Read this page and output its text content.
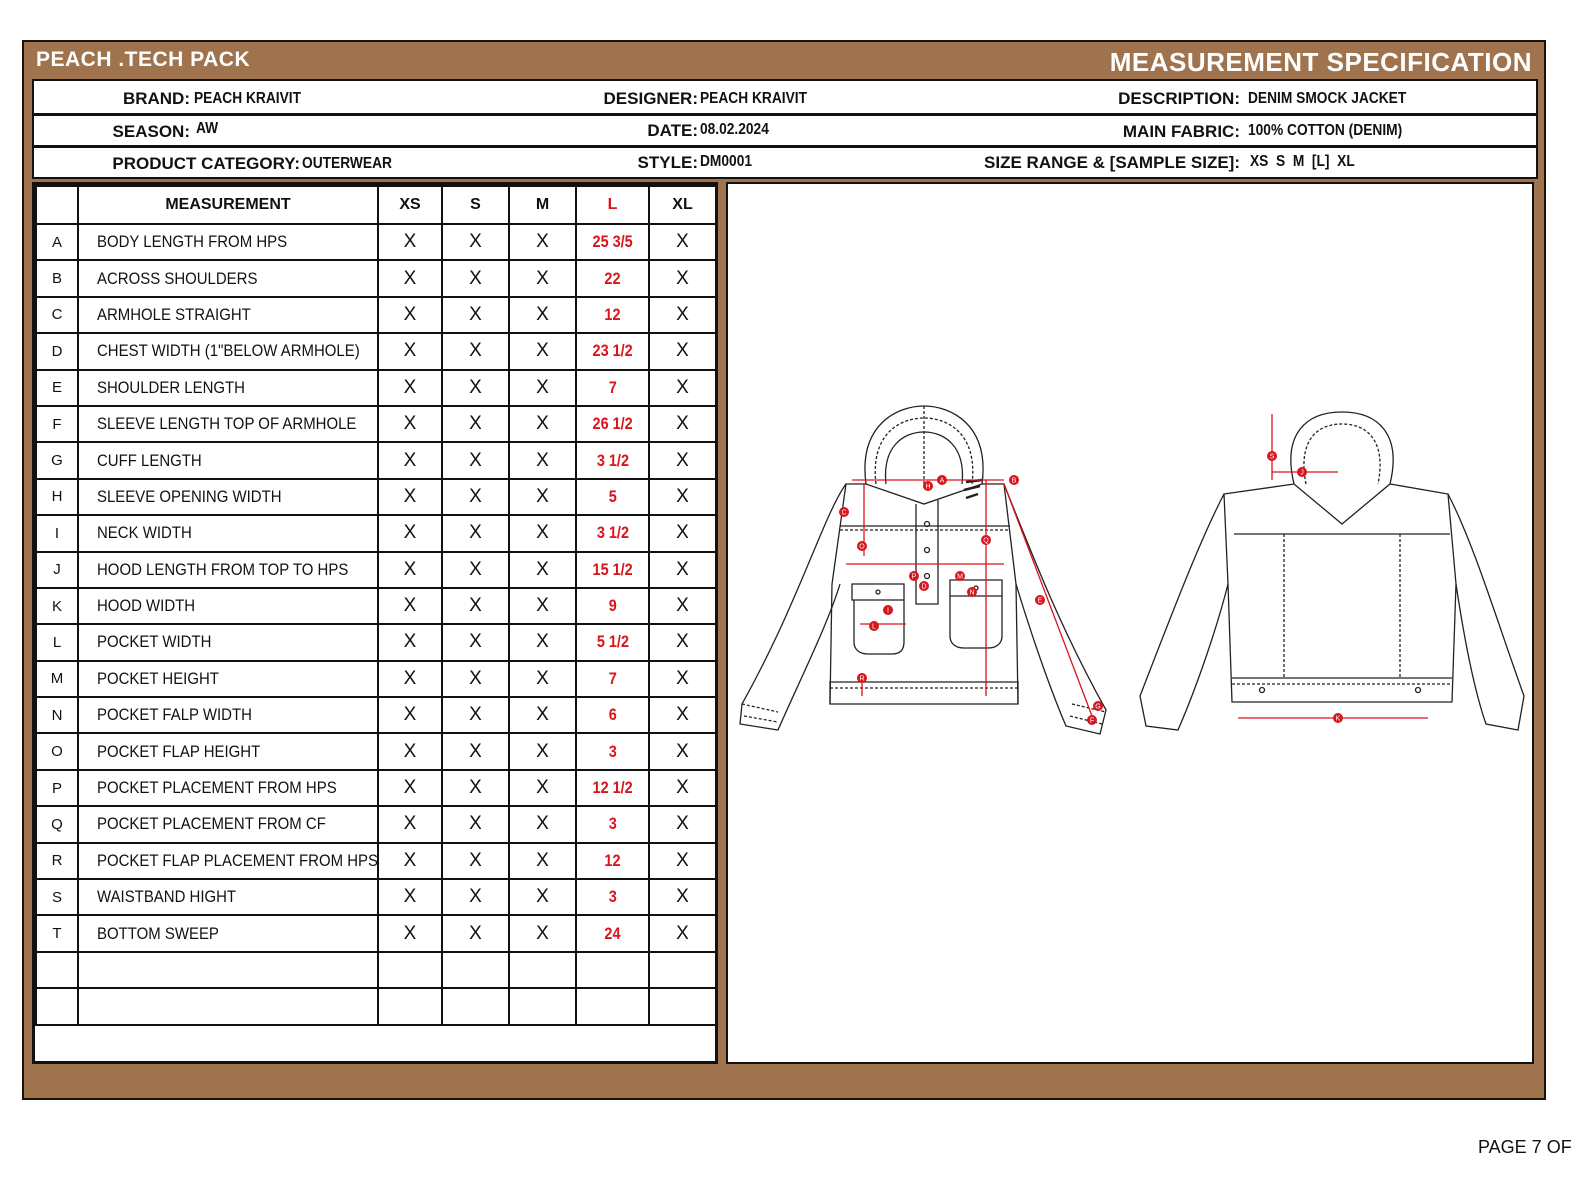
PEACH .TECH PACK	MEASUREMENT SPECIFICATION
BRAND: PEACH KRAIVIT	DESIGNER: PEACH KRAIVIT	DESCRIPTION: DENIM SMOCK JACKET
SEASON: AW	DATE: 08.02.2024	MAIN FABRIC: 100% COTTON (DENIM)
PRODUCT CATEGORY: OUTERWEAR	STYLE: DM0001	SIZE RANGE & [SAMPLE SIZE]: XS  S  M  [L]  XL
	MEASUREMENT	XS	S	M	L	XL
A	BODY LENGTH FROM HPS	X	X	X	25 3/5	X
B	ACROSS SHOULDERS	X	X	X	22	X
C	ARMHOLE STRAIGHT	X	X	X	12	X
D	CHEST WIDTH (1"BELOW ARMHOLE)	X	X	X	23 1/2	X
E	SHOULDER LENGTH	X	X	X	7	X
F	SLEEVE LENGTH TOP OF ARMHOLE	X	X	X	26 1/2	X
G	CUFF LENGTH	X	X	X	3 1/2	X
H	SLEEVE OPENING WIDTH	X	X	X	5	X
I	NECK WIDTH	X	X	X	3 1/2	X
J	HOOD LENGTH FROM TOP TO HPS	X	X	X	15 1/2	X
K	HOOD WIDTH	X	X	X	9	X
L	POCKET WIDTH	X	X	X	5 1/2	X
M	POCKET HEIGHT	X	X	X	7	X
N	POCKET FALP WIDTH	X	X	X	6	X
O	POCKET FLAP HEIGHT	X	X	X	3	X
P	POCKET PLACEMENT FROM HPS	X	X	X	12 1/2	X
Q	POCKET PLACEMENT FROM CF	X	X	X	3	X
R	POCKET FLAP PLACEMENT FROM HPS	X	X	X	12	X
S	WAISTBAND HIGHT	X	X	X	3	X
T	BOTTOM SWEEP	X	X	X	24	X

A	B
C
D
E
F
G
H
I
L
M
N
O
P
Q
R
S
J
K
PAGE 7 OF
